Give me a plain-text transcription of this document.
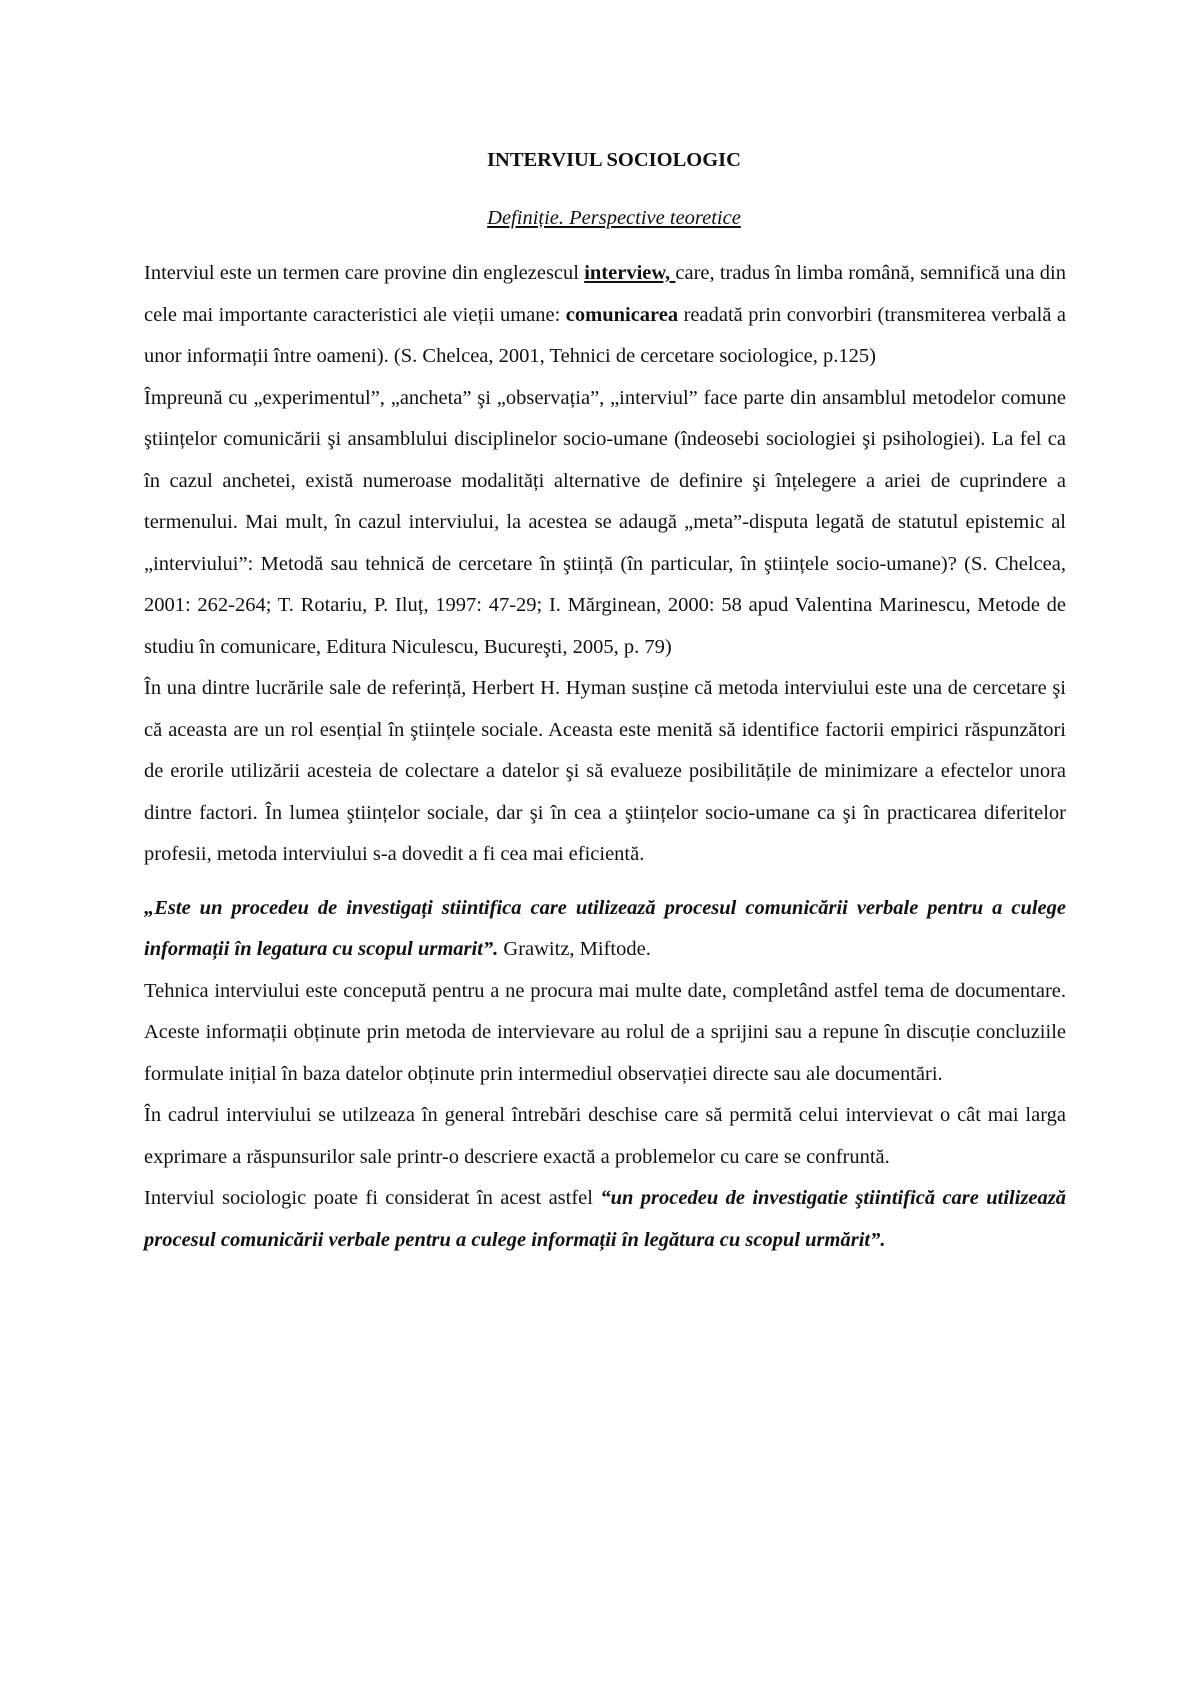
INTERVIUL SOCIOLOGIC
Definiție. Perspective teoretice

Interviul este un termen care provine din englezescul interview, care, tradus în limba română, semnifică una din cele mai importante caracteristici ale vieții umane: comunicarea readată prin convorbiri (transmiterea verbală a unor informații între oameni). (S. Chelcea, 2001, Tehnici de cercetare sociologice, p.125)

Împreună cu „experimentul”, „ancheta” şi „observația”, „interviul” face parte din ansamblul metodelor comune ştiințelor comunicării şi ansamblului disciplinelor socio-umane (îndeosebi sociologiei şi psihologiei). La fel ca în cazul anchetei, există numeroase modalități alternative de definire şi înțelegere a ariei de cuprindere a termenului. Mai mult, în cazul interviului, la acestea se adaugă „meta”-disputa legată de statutul epistemic al „interviului”: Metodă sau tehnică de cercetare în ştiință (în particular, în ştiințele socio-umane)? (S. Chelcea, 2001: 262-264; T. Rotariu, P. Iluț, 1997: 47-29; I. Mărginean, 2000: 58 apud Valentina Marinescu, Metode de studiu în comunicare, Editura Niculescu, Bucureşti, 2005, p. 79)

În una dintre lucrările sale de referință, Herbert H. Hyman susține că metoda interviului este una de cercetare şi că aceasta are un rol esențial în ştiințele sociale. Aceasta este menită să identifice factorii empirici răspunzători de erorile utilizării acesteia de colectare a datelor şi să evalueze posibilitățile de minimizare a efectelor unora dintre factori. În lumea ştiințelor sociale, dar şi în cea a ştiințelor socio-umane ca şi în practicarea diferitelor profesii, metoda interviului s-a dovedit a fi cea mai eficientă.

„Este un procedeu de investigați stiintifica care utilizează procesul comunicării verbale pentru a culege informații în legatura cu scopul urmarit”. Grawitz, Miftode.

Tehnica interviului este concepută pentru a ne procura mai multe date, completând astfel tema de documentare. Aceste informații obținute prin metoda de intervievare au rolul de a sprijini sau a repune în discuție concluziile formulate inițial în baza datelor obținute prin intermediul observației directe sau ale documentări.

În cadrul interviului se utilzeaza în general întrebări deschise care să permită celui intervievat o cât mai larga exprimare a răspunsurilor sale printr-o descriere exactă a problemelor cu care se confruntă.

Interviul sociologic poate fi considerat în acest astfel “un procedeu de investigatie ştiintifică care utilizează procesul comunicării verbale pentru a culege informații în legătura cu scopul urmărit”.
